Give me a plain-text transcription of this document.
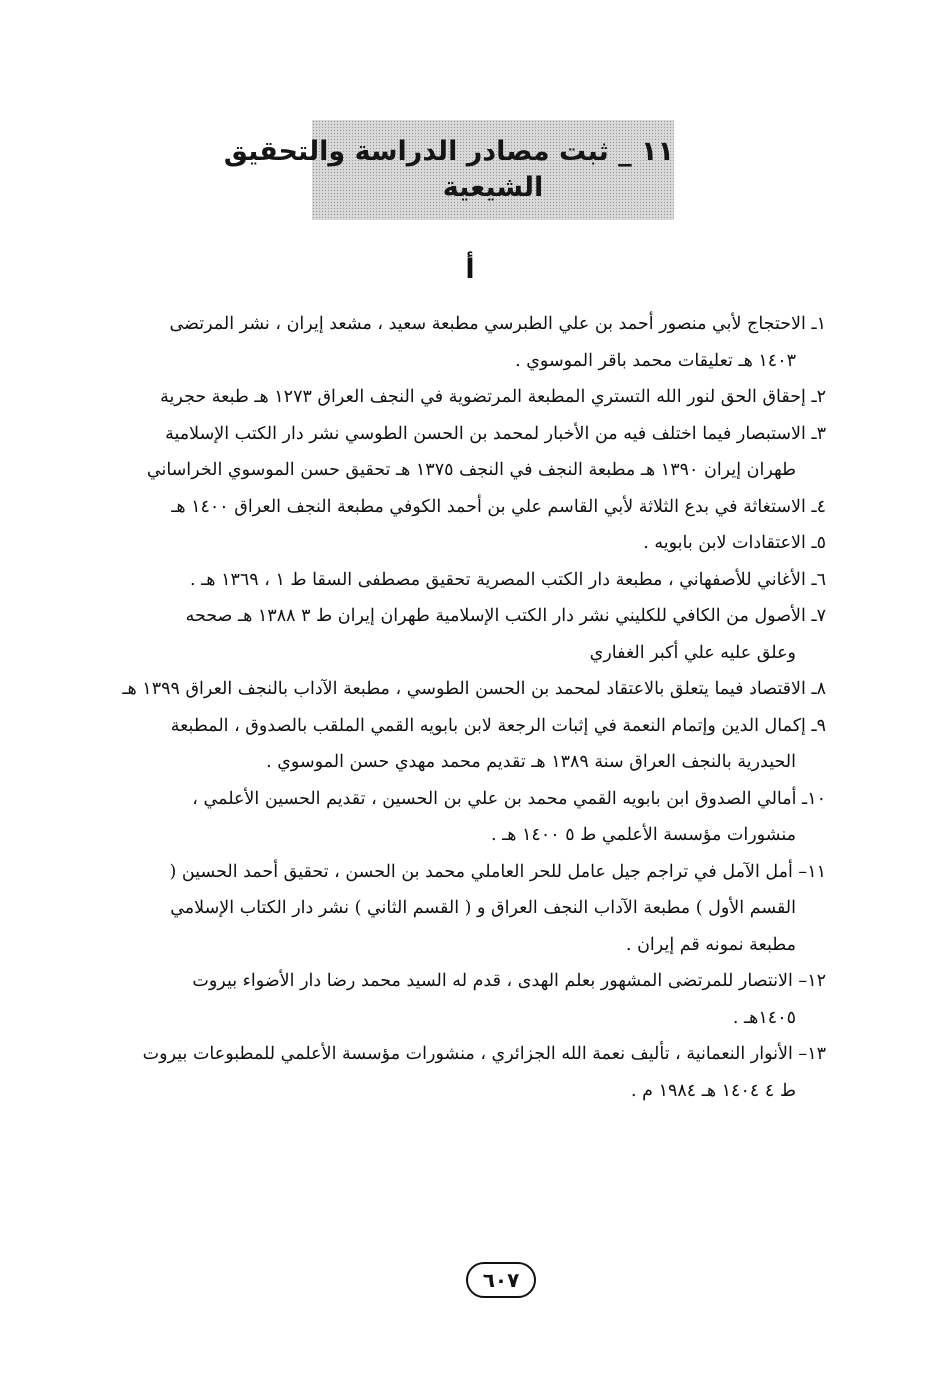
١١ _ ثبت مصادر الدراسة والتحقيق
الشيعية
أ
١ـ الاحتجاج لأبي منصور أحمد بن علي الطبرسي مطبعة سعيد ، مشعد إيران ، نشر المرتضى
١٤٠٣ هـ تعليقات محمد باقر الموسوي .
٢ـ إحقاق الحق لنور الله التستري المطبعة المرتضوية في النجف العراق ١٢٧٣ هـ طبعة حجرية
٣ـ الاستبصار فيما اختلف فيه من الأخبار لمحمد بن الحسن الطوسي نشر دار الكتب الإسلامية
طهران إيران ١٣٩٠ هـ مطبعة النجف في النجف ١٣٧٥ هـ تحقيق حسن الموسوي الخراساني
٤ـ الاستغاثة في بدع الثلاثة لأبي القاسم علي بن أحمد الكوفي مطبعة النجف العراق ١٤٠٠ هـ
٥ـ الاعتقادات لابن بابويه .
٦ـ الأغاني للأصفهاني ، مطبعة دار الكتب المصرية تحقيق مصطفى السقا ط ١ ، ١٣٦٩ هـ .
٧ـ الأصول من الكافي للكليني نشر دار الكتب الإسلامية طهران إيران ط ٣ ١٣٨٨ هـ صححه
وعلق عليه علي أكبر الغفاري
٨ـ الاقتصاد فيما يتعلق بالاعتقاد لمحمد بن الحسن الطوسي ، مطبعة الآداب بالنجف العراق ١٣٩٩ هـ
٩ـ إكمال الدين وإتمام النعمة في إثبات الرجعة لابن بابويه القمي الملقب بالصدوق ، المطبعة
الحيدرية بالنجف العراق سنة ١٣٨٩ هـ تقديم محمد مهدي حسن الموسوي .
١٠ـ أمالي الصدوق ابن بابويه القمي محمد بن علي بن الحسين ، تقديم الحسين الأعلمي ،
منشورات مؤسسة الأعلمي ط ٥ ١٤٠٠ هـ .
١١– أمل الآمل في تراجم جيل عامل للحر العاملي محمد بن الحسن ، تحقيق أحمد الحسين (
القسم الأول ) مطبعة الآداب النجف العراق و ( القسم الثاني ) نشر دار الكتاب الإسلامي
مطبعة نمونه قم إيران .
١٢– الانتصار للمرتضى المشهور بعلم الهدى ، قدم له السيد محمد رضا دار الأضواء بيروت
١٤٠٥هـ .
١٣– الأنوار النعمانية ، تأليف نعمة الله الجزائري ، منشورات مؤسسة الأعلمي للمطبوعات بيروت
ط ٤ ١٤٠٤ هـ ١٩٨٤ م .
٦٠٧
